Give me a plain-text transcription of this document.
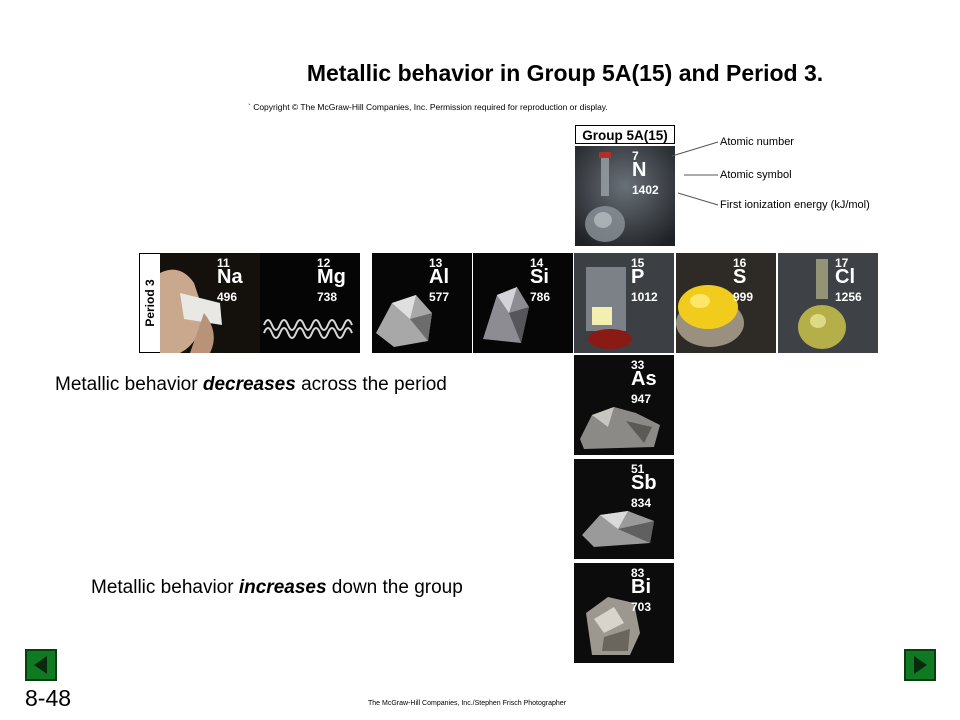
Metallic behavior in Group 5A(15) and Period 3.
` Copyright © The McGraw-Hill Companies, Inc. Permission required for reproduction or display.
Group 5A(15)
7
N
1402
Atomic number
Atomic symbol
First ionization energy (kJ/mol)
Period 3
11
Na
496
12
Mg
738
13
Al
577
14
Si
786
15
P
1012
16
S
999
17
Cl
1256
33
As
947
51
Sb
834
83
Bi
703
Metallic behavior decreases across the period
Metallic behavior increases down the group
8-48	The McGraw-Hill Companies, Inc./Stephen Frisch Photographer
